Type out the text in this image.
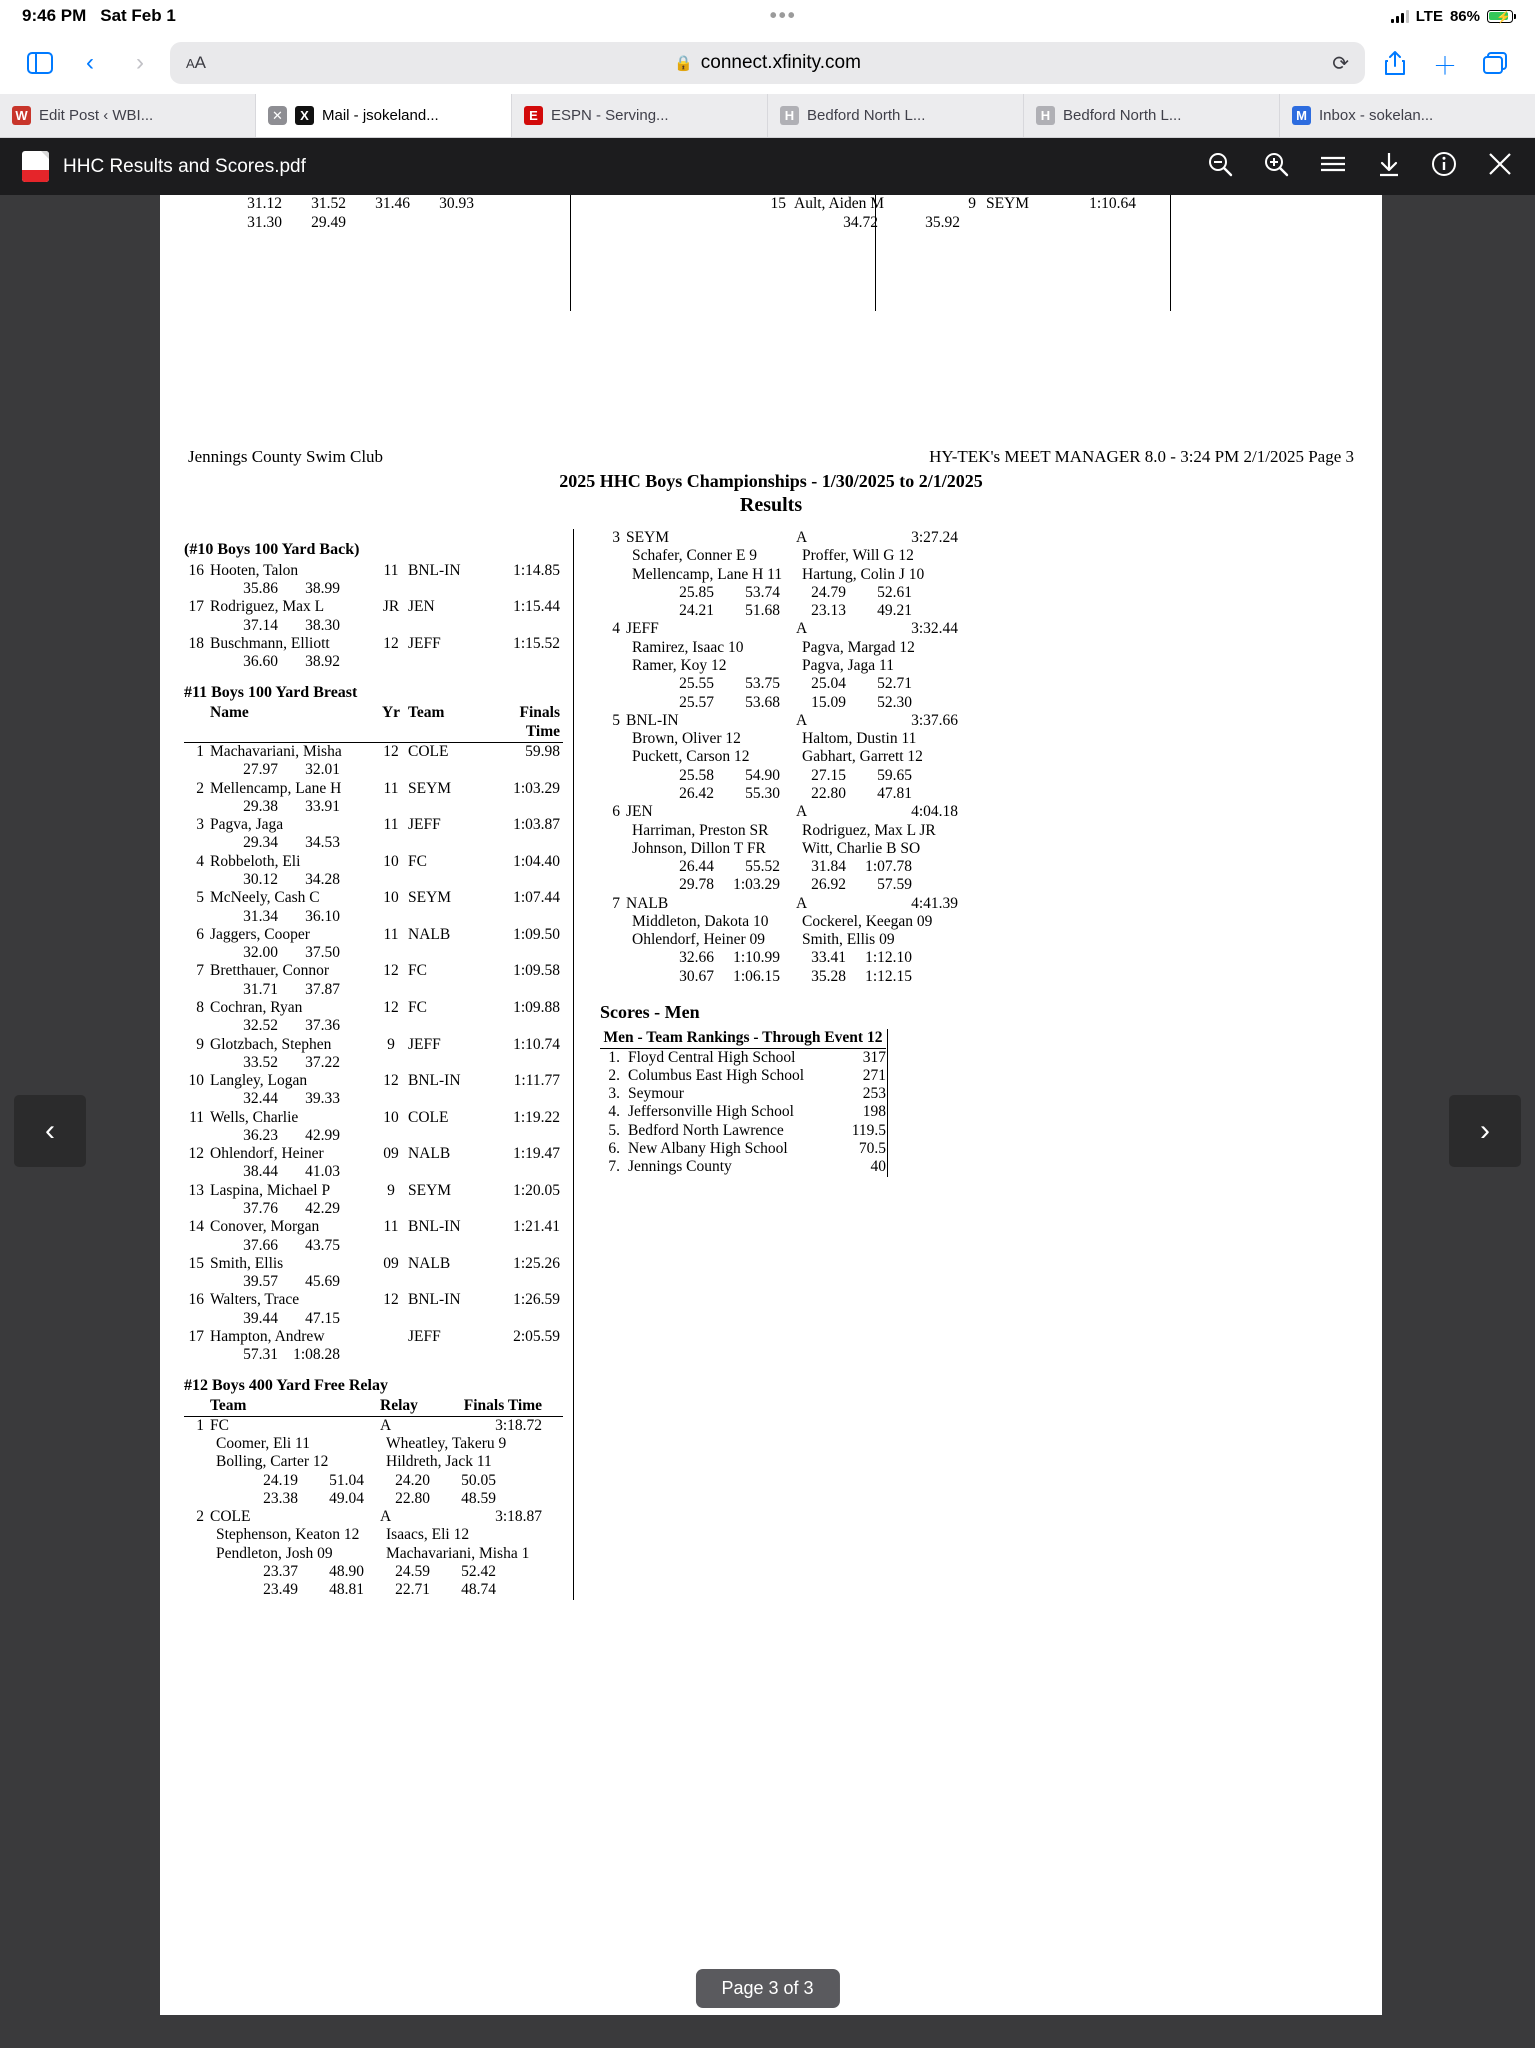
9:46 PM Sat Feb 1	•••	LTE 86% ⚡
‹	›	AA	🔒 connect.xfinity.com	⟳	＋
W Edit Post ‹ WBI...	✕	X Mail - jsokeland...	E ESPN - Serving...	H Bedford North L...	H Bedford North L...	M Inbox - sokelan...
HHC Results and Scores.pdf
31.12	31.52	31.46	30.93
31.30	29.49
15 Ault, Aiden M	9 SEYM	1:10.64
34.72	35.92
Jennings County Swim Club	HY-TEK's MEET MANAGER 8.0 - 3:24 PM 2/1/2025 Page 3
2025 HHC Boys Championships - 1/30/2025 to 2/1/2025
Results
(#10 Boys 100 Yard Back)
16 Hooten, Talon	11 BNL-IN	1:14.85
35.86	38.99
17 Rodriguez, Max L	JR JEN	1:15.44
37.14	38.30
18 Buschmann, Elliott	12 JEFF	1:15.52
36.60	38.92
#11 Boys 100 Yard Breast
Name	Yr Team	Finals Time
1 Machavariani, Misha	12 COLE	59.98
27.97	32.01
2 Mellencamp, Lane H	11 SEYM	1:03.29
29.38	33.91
3 Pagva, Jaga	11 JEFF	1:03.87
29.34	34.53
4 Robbeloth, Eli	10 FC	1:04.40
30.12	34.28
5 McNeely, Cash C	10 SEYM	1:07.44
31.34	36.10
6 Jaggers, Cooper	11 NALB	1:09.50
32.00	37.50
7 Bretthauer, Connor	12 FC	1:09.58
31.71	37.87
8 Cochran, Ryan	12 FC	1:09.88
32.52	37.36
9 Glotzbach, Stephen	9 JEFF	1:10.74
33.52	37.22
10 Langley, Logan	12 BNL-IN	1:11.77
32.44	39.33
11 Wells, Charlie	10 COLE	1:19.22
36.23	42.99
12 Ohlendorf, Heiner	09 NALB	1:19.47
38.44	41.03
13 Laspina, Michael P	9 SEYM	1:20.05
37.76	42.29
14 Conover, Morgan	11 BNL-IN	1:21.41
37.66	43.75
15 Smith, Ellis	09 NALB	1:25.26
39.57	45.69
16 Walters, Trace	12 BNL-IN	1:26.59
39.44	47.15
17 Hampton, Andrew	JEFF	2:05.59
57.31 1:08.28
#12 Boys 400 Yard Free Relay
Team	Relay	Finals Time
1 FC	A	3:18.72
Coomer, Eli 11	Wheatley, Takeru 9
Bolling, Carter 12	Hildreth, Jack 11
24.19	51.04	24.20	50.05
23.38	49.04	22.80	48.59
2 COLE	A	3:18.87
Stephenson, Keaton 12	Isaacs, Eli 12
Pendleton, Josh 09	Machavariani, Misha 1
23.37	48.90	24.59	52.42
23.49	48.81	22.71	48.74
3 SEYM	A	3:27.24
Schafer, Conner E 9	Proffer, Will G 12
Mellencamp, Lane H 11	Hartung, Colin J 10
25.85	53.74	24.79	52.61
24.21	51.68	23.13	49.21
4 JEFF	A	3:32.44
Ramirez, Isaac 10	Pagva, Margad 12
Ramer, Koy 12	Pagva, Jaga 11
25.55	53.75	25.04	52.71
25.57	53.68	15.09	52.30
5 BNL-IN	A	3:37.66
Brown, Oliver 12	Haltom, Dustin 11
Puckett, Carson 12	Gabhart, Garrett 12
25.58	54.90	27.15	59.65
26.42	55.30	22.80	47.81
6 JEN	A	4:04.18
Harriman, Preston SR	Rodriguez, Max L JR
Johnson, Dillon T FR	Witt, Charlie B SO
26.44	55.52	31.84	1:07.78
29.78	1:03.29	26.92	57.59
7 NALB	A	4:41.39
Middleton, Dakota 10	Cockerel, Keegan 09
Ohlendorf, Heiner 09	Smith, Ellis 09
32.66	1:10.99	33.41	1:12.10
30.67	1:06.15	35.28	1:12.15
Scores - Men
Men - Team Rankings - Through Event 12
1. Floyd Central High School	317
2. Columbus East High School	271
3. Seymour	253
4. Jeffersonville High School	198
5. Bedford North Lawrence	119.5
6. New Albany High School	70.5
7. Jennings County	40
‹	›
Page 3 of 3
